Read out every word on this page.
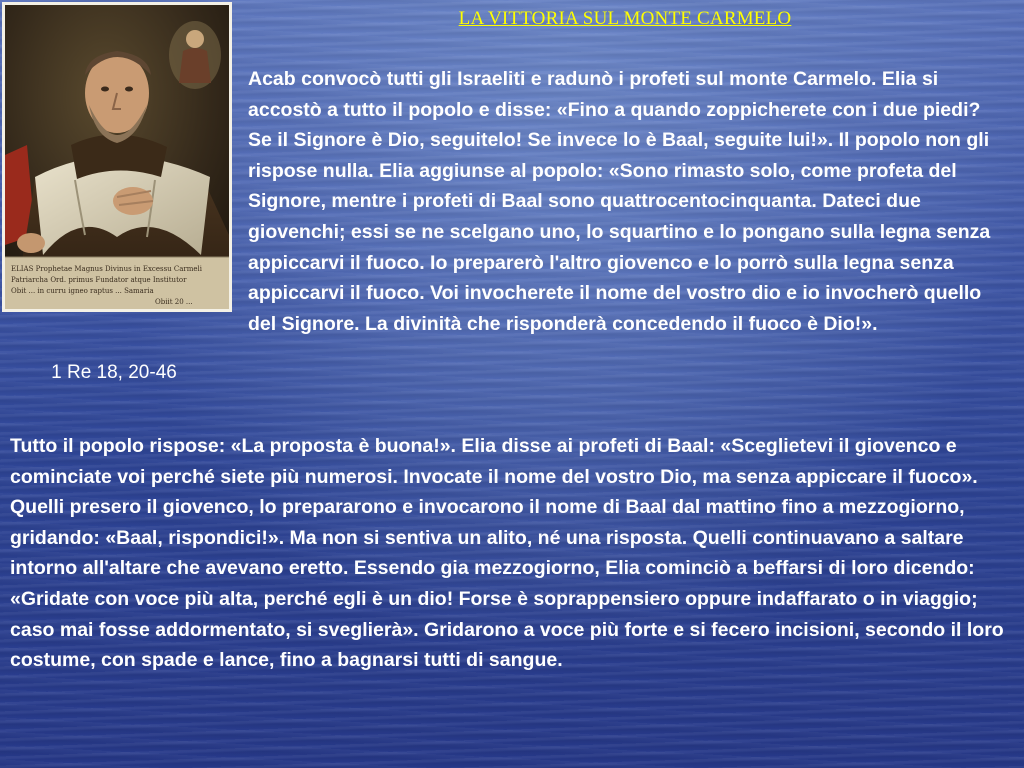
LA VITTORIA SUL MONTE CARMELO
ELIAS Prophetae Magnus Divinus in Excessu Carmeli
Patriarcha Ord. primus Fundator atque Institutor
Obit ... in curru igneo raptus ... Samaria
Obiit 20 ...
1 Re 18, 20-46

Acab convocò tutti gli Israeliti e radunò i profeti sul monte Carmelo. Elia si accostò a tutto il popolo e disse: «Fino a quando zoppicherete con i due piedi? Se il Signore è Dio, seguitelo! Se invece lo è Baal, seguite lui!». Il popolo non gli rispose nulla. Elia aggiunse al popolo: «Sono rimasto solo, come profeta del Signore, mentre i profeti di Baal sono quattrocentocinquanta. Dateci due giovenchi; essi se ne scelgano uno, lo squartino e lo pongano sulla legna senza appiccarvi il fuoco. Io preparerò l'altro giovenco e lo porrò sulla legna senza appiccarvi il fuoco. Voi invocherete il nome del vostro dio e io invocherò quello del Signore. La divinità che risponderà concedendo il fuoco è Dio!».

Tutto il popolo rispose: «La proposta è buona!». Elia disse ai profeti di Baal: «Sceglietevi il giovenco e cominciate voi perché siete più numerosi. Invocate il nome del vostro Dio, ma senza appiccare il fuoco». Quelli presero il giovenco, lo prepararono e invocarono il nome di Baal dal mattino fino a mezzogiorno, gridando: «Baal, rispondici!». Ma non si sentiva un alito, né una risposta. Quelli continuavano a saltare intorno all'altare che avevano eretto. Essendo gia mezzogiorno, Elia cominciò a beffarsi di loro dicendo: «Gridate con voce più alta, perché egli è un dio! Forse è soprappensiero oppure indaffarato o in viaggio; caso mai fosse addormentato, si sveglierà». Gridarono a voce più forte e si fecero incisioni, secondo il loro costume, con spade e lance, fino a bagnarsi tutti di sangue.
